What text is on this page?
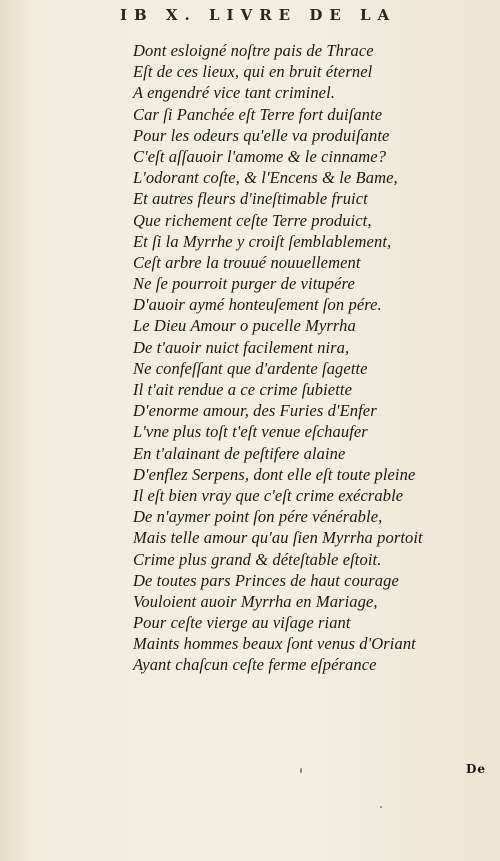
IB X. LIVRE DE LA
Dont esloigné noſtre pais de Thrace
Eſt de ces lieux, qui en bruit éternel
A engendré vice tant criminel.
Car ſi Panchée eſt Terre fort duiſante
Pour les odeurs qu'elle va produiſante
C'eſt aſſauoir l'amome & le cinname?
L'odorant coſte, & l'Encens & le Bame,
Et autres fleurs d'ineſtimable fruict
Que richement ceſte Terre produict,
Et ſi la Myrrhe y croiſt ſemblablement,
Ceſt arbre la trouué nouuellement
Ne ſe pourroit purger de vitupére
D'auoir aymé honteuſement ſon pére.
Le Dieu Amour o pucelle Myrrha
De t'auoir nuict facilement nira,
Ne confeſſant que d'ardente ſagette
Il t'ait rendue a ce crime ſubiette
D'enorme amour, des Furies d'Enfer
L'vne plus toſt t'eſt venue eſchaufer
En t'alainant de peſtifere alaine
D'enflez Serpens, dont elle eſt toute pleine
Il eſt bien vray que c'eſt crime exécrable
De n'aymer point ſon pére vénérable,
Mais telle amour qu'au ſien Myrrha portoit
Crime plus grand & déteſtable eſtoit.
De toutes pars Princes de haut courage
Vouloient auoir Myrrha en Mariage,
Pour ceſte vierge au viſage riant
Maints hommes beaux ſont venus d'Oriant
Ayant chaſcun ceſte ferme eſpérance
De
